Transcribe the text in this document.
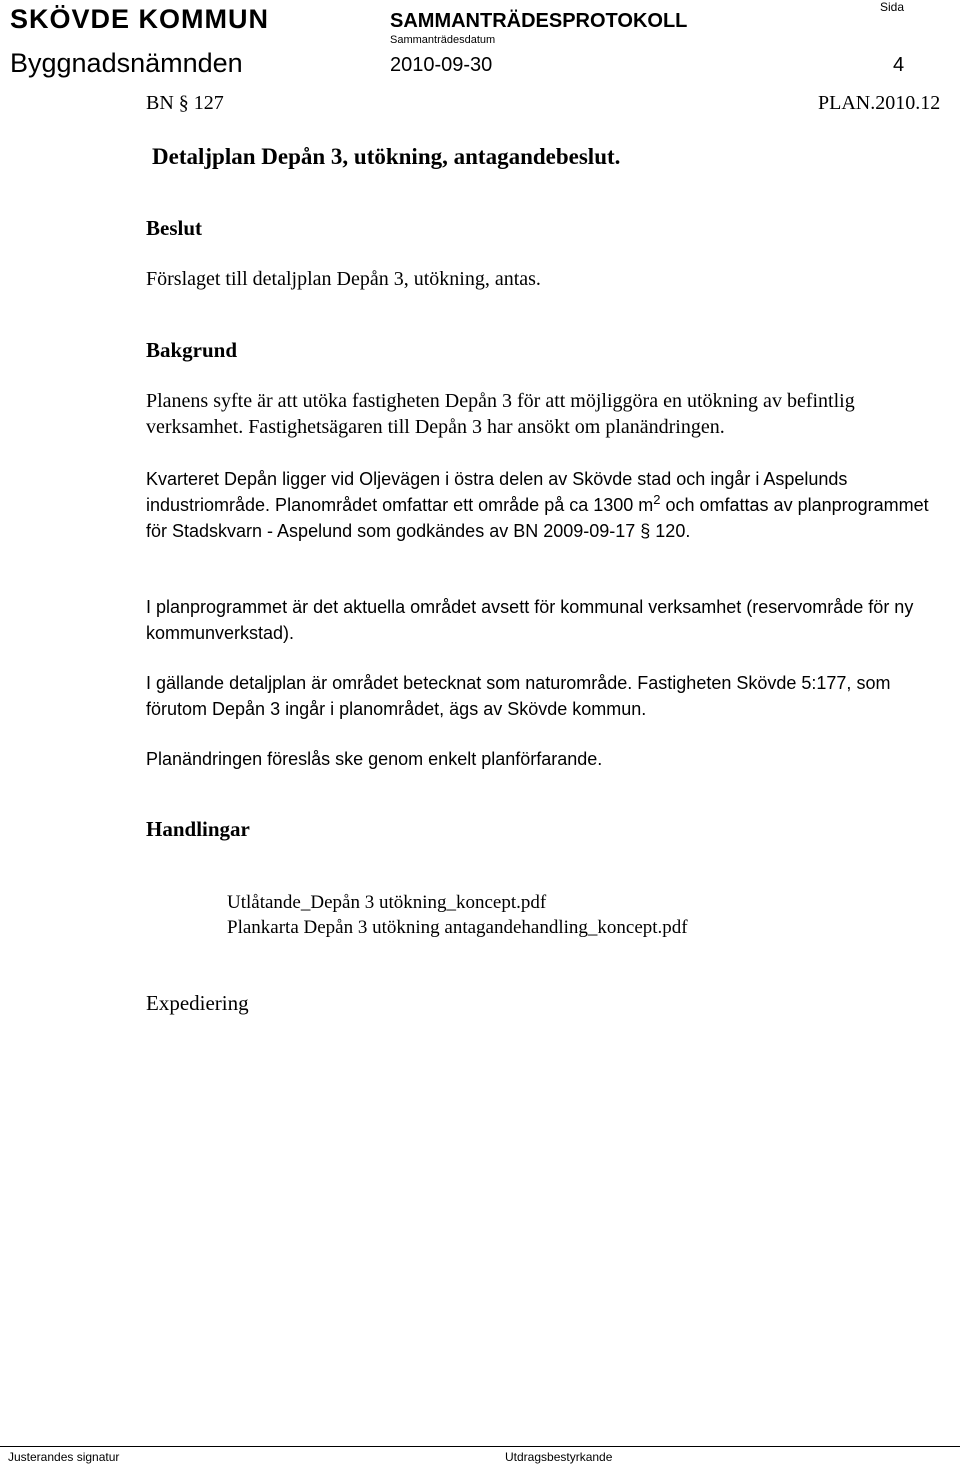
SKÖVDE KOMMUN	Sida
SAMMANTRÄDESPROTOKOLL
Sammanträdesdatum
Byggnadsnämnden	2010-09-30	4
BN § 127	PLAN.2010.12
Detaljplan Depån 3, utökning, antagandebeslut.
Beslut

Förslaget till detaljplan Depån 3, utökning, antas.

Bakgrund

Planens syfte är att utöka fastigheten Depån 3 för att möjliggöra en utökning av befintlig verksamhet. Fastighetsägaren till Depån 3 har ansökt om planändringen.

Kvarteret Depån ligger vid Oljevägen i östra delen av Skövde stad och ingår i Aspelunds industriområde. Planområdet omfattar ett område på ca 1300 $m^2$ och omfattas av planprogrammet för Stadskvarn - Aspelund som godkändes av BN 2009-09-17 § 120.

I planprogrammet är det aktuella området avsett för kommunal verksamhet (reservområde för ny kommunverkstad).

I gällande detaljplan är området betecknat som naturområde. Fastigheten Skövde 5:177, som förutom Depån 3 ingår i planområdet, ägs av Skövde kommun.

Planändringen föreslås ske genom enkelt planförfarande.

Handlingar
Utlåtande_Depån 3 utökning_koncept.pdf
Plankarta Depån 3 utökning antagandehandling_koncept.pdf
Expediering
Justerandes signatur	Utdragsbestyrkande
